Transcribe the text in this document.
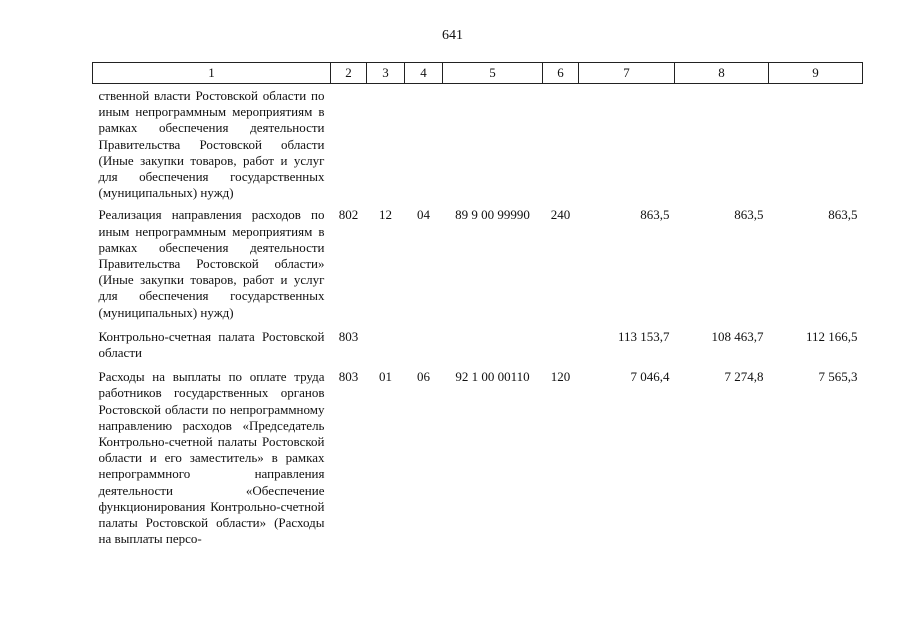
641
1	2	3	4	5	6	7	8	9
ственной власти Ростовской области по иным непрограммным мероприятиям в рамках обеспечения деятельности Правительства Ростовской области (Иные закупки товаров, работ и услуг для обеспечения государственных (муниципальных) нужд)								
Реализация направления расходов по иным непрограммным мероприятиям в рамках обеспечения деятельности Правительства Ростовской области» (Иные закупки товаров, работ и услуг для обеспечения государственных (муниципальных) нужд)	802	12	04	89 9 00 99990	240	863,5	863,5	863,5
Контрольно-счетная палата Ростовской области	803					113 153,7	108 463,7	112 166,5
Расходы на выплаты по оплате труда работников государственных органов Ростовской области по непрограммному направлению расходов «Председатель Контрольно-счетной палаты Ростовской области и его заместитель» в рамках непрограммного направления деятельности «Обеспечение функционирования Контрольно-счетной палаты Ростовской области» (Расходы на выплаты персо-	803	01	06	92 1 00 00110	120	7 046,4	7 274,8	7 565,3
